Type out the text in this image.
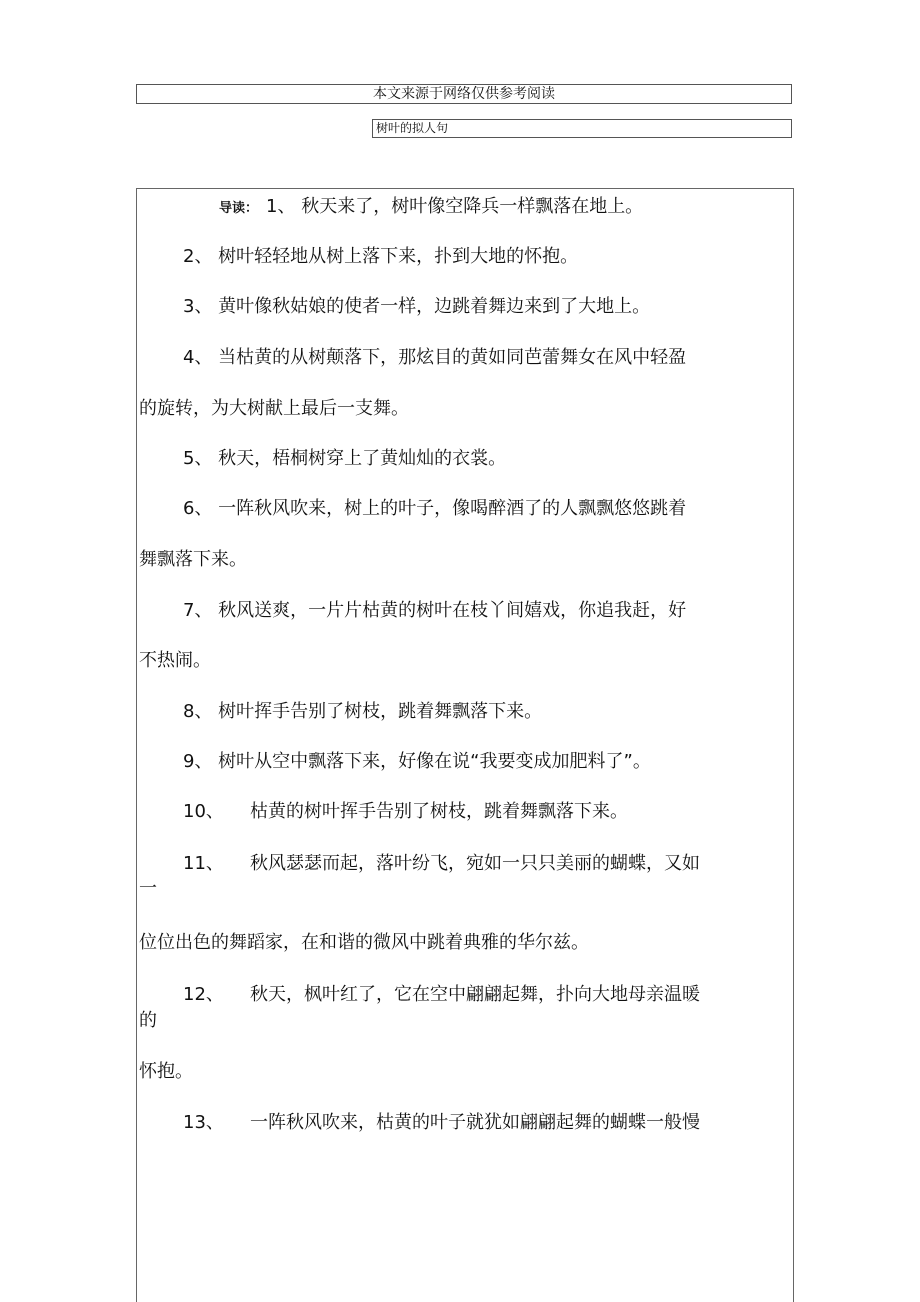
本文来源于网络仅供参考阅读
树叶的拟人句
导读： 1、 秋天来了，树叶像空降兵一样飘落在地上。
2、 树叶轻轻地从树上落下来，扑到大地的怀抱。
3、 黄叶像秋姑娘的使者一样，边跳着舞边来到了大地上。
4、 当枯黄的从树颠落下，那炫目的黄如同芭蕾舞女在风中轻盈
的旋转，为大树献上最后一支舞。
5、 秋天，梧桐树穿上了黄灿灿的衣裳。
6、 一阵秋风吹来，树上的叶子，像喝醉酒了的人飘飘悠悠跳着
舞飘落下来。
7、 秋风送爽，一片片枯黄的树叶在枝丫间嬉戏，你追我赶，好
不热闹。
8、 树叶挥手告别了树枝，跳着舞飘落下来。
9、 树叶从空中飘落下来，好像在说“我要变成加肥料了”。
10、 枯黄的树叶挥手告别了树枝，跳着舞飘落下来。
11、 秋风瑟瑟而起，落叶纷飞，宛如一只只美丽的蝴蝶，又如
一
位位出色的舞蹈家，在和谐的微风中跳着典雅的华尔兹。
12、 秋天，枫叶红了，它在空中翩翩起舞，扑向大地母亲温暖
的
怀抱。
13、 一阵秋风吹来，枯黄的叶子就犹如翩翩起舞的蝴蝶一般慢
